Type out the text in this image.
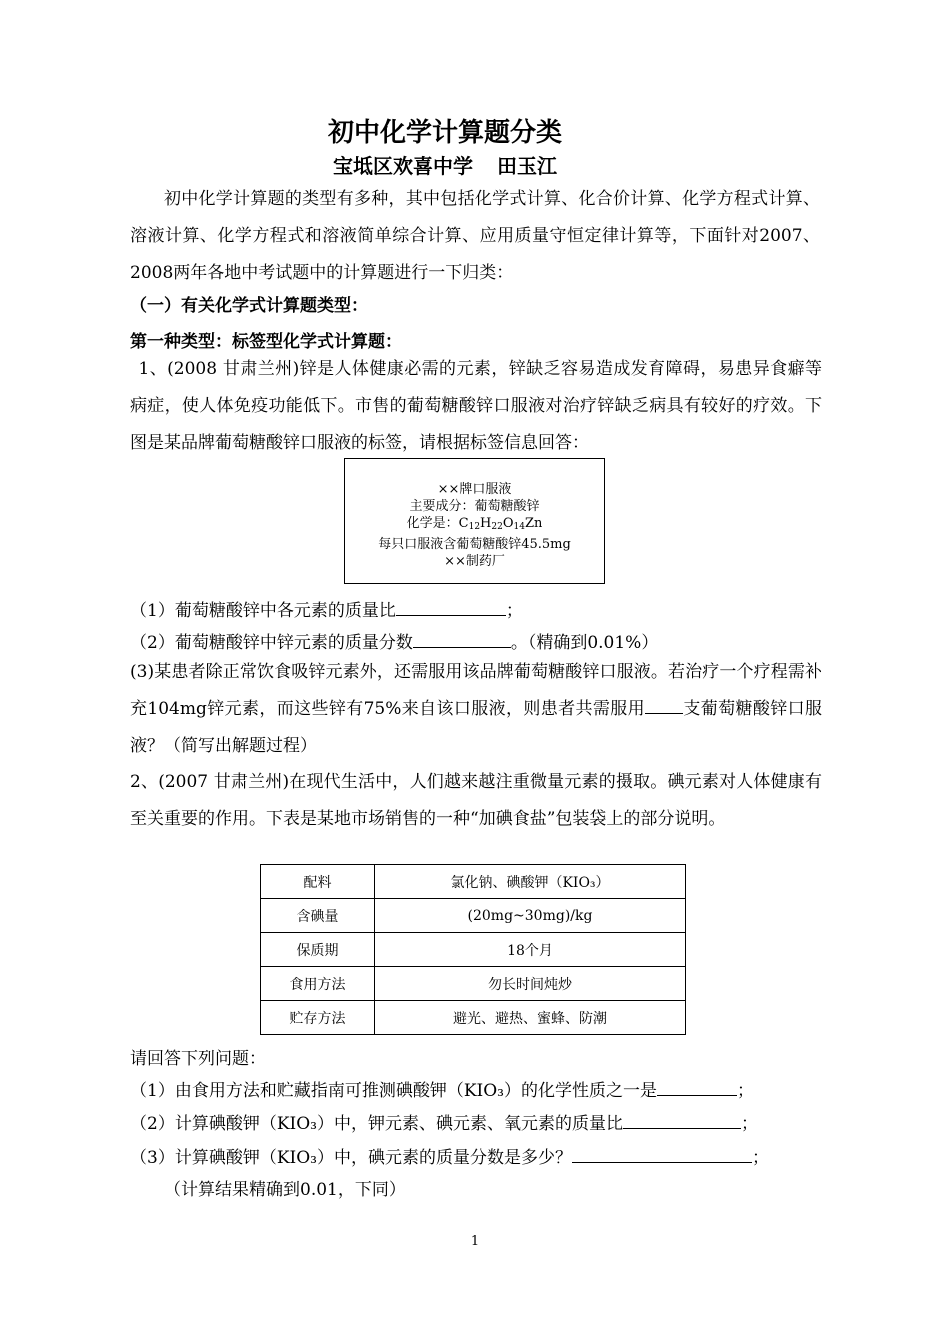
初中化学计算题分类
宝坻区欢喜中学 田玉江

初中化学计算题的类型有多种，其中包括化学式计算、化合价计算、化学方程式计算、溶液计算、化学方程式和溶液简单综合计算、应用质量守恒定律计算等，下面针对2007、2008两年各地中考试题中的计算题进行一下归类：

（一）有关化学式计算题类型：

第一种类型：标签型化学式计算题：

1、(2008 甘肃兰州)锌是人体健康必需的元素，锌缺乏容易造成发育障碍，易患异食癖等病症，使人体免疫功能低下。市售的葡萄糖酸锌口服液对治疗锌缺乏病具有较好的疗效。下图是某品牌葡萄糖酸锌口服液的标签，请根据标签信息回答：

××牌口服液
主要成分：葡萄糖酸锌
化学是：$C_{12}H_{22}O_{14}Zn$
每只口服液含葡萄糖酸锌45.5mg
××制药厂

（1）葡萄糖酸锌中各元素的质量比	；

（2）葡萄糖酸锌中锌元素的质量分数	。（精确到0.01%）

(3)某患者除正常饮食吸锌元素外，还需服用该品牌葡萄糖酸锌口服液。若治疗一个疗程需补充104mg锌元素，而这些锌有75%来自该口服液，则患者共需服用 支葡萄糖酸锌口服液？（简写出解题过程）

2、(2007 甘肃兰州)在现代生活中，人们越来越注重微量元素的摄取。碘元素对人体健康有至关重要的作用。下表是某地市场销售的一种“加碘食盐”包装袋上的部分说明。

配料	氯化钠、碘酸钾（KIO₃）
含碘量	(20mg~30mg)/kg
保质期	18个月
食用方法	勿长时间炖炒
贮存方法	避光、避热、蜜蜂、防潮

请回答下列问题：

（1）由食用方法和贮藏指南可推测碘酸钾（KIO₃）的化学性质之一是	；

（2）计算碘酸钾（KIO₃）中，钾元素、碘元素、氧元素的质量比	；

（3）计算碘酸钾（KIO₃）中，碘元素的质量分数是多少？	；

（计算结果精确到0.01，下同）

1
